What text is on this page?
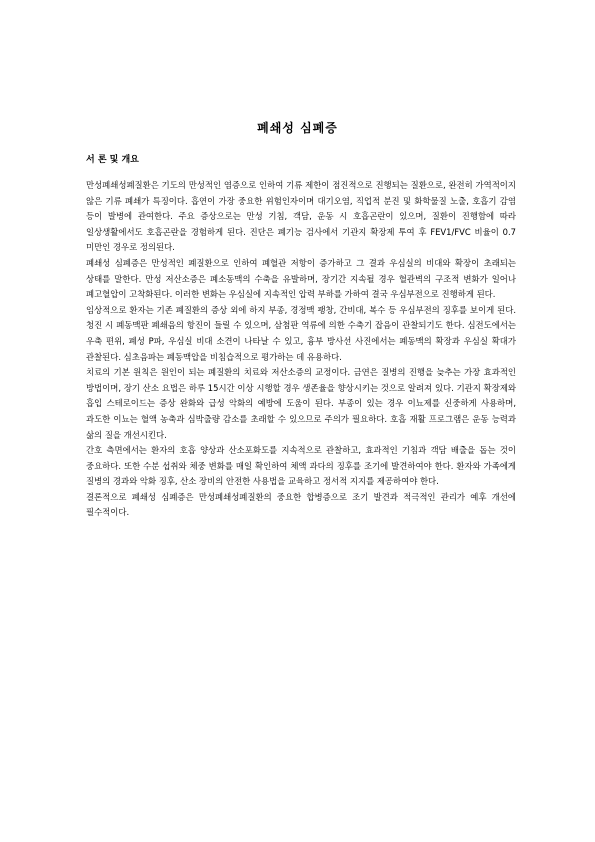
폐쇄성 심폐증
서 론 및 개요

만성폐쇄성폐질환은 기도의 만성적인 염증으로 인하여 기류 제한이 점진적으로 진행되는 질환으로, 완전히 가역적이지 않은 기류 폐쇄가 특징이다. 흡연이 가장 중요한 위험인자이며 대기오염, 직업적 분진 및 화학물질 노출, 호흡기 감염 등이 발병에 관여한다. 주요 증상으로는 만성 기침, 객담, 운동 시 호흡곤란이 있으며, 질환이 진행함에 따라 일상생활에서도 호흡곤란을 경험하게 된다. 진단은 폐기능 검사에서 기관지 확장제 투여 후 FEV1/FVC 비율이 0.7 미만인 경우로 정의된다.

폐쇄성 심폐증은 만성적인 폐질환으로 인하여 폐혈관 저항이 증가하고 그 결과 우심실의 비대와 확장이 초래되는 상태를 말한다. 만성 저산소증은 폐소동맥의 수축을 유발하며, 장기간 지속될 경우 혈관벽의 구조적 변화가 일어나 폐고혈압이 고착화된다. 이러한 변화는 우심실에 지속적인 압력 부하를 가하여 결국 우심부전으로 진행하게 된다.

임상적으로 환자는 기존 폐질환의 증상 외에 하지 부종, 경정맥 팽창, 간비대, 복수 등 우심부전의 징후를 보이게 된다. 청진 시 폐동맥판 폐쇄음의 항진이 들릴 수 있으며, 삼첨판 역류에 의한 수축기 잡음이 관찰되기도 한다. 심전도에서는 우축 편위, 폐성 P파, 우심실 비대 소견이 나타날 수 있고, 흉부 방사선 사진에서는 폐동맥의 확장과 우심실 확대가 관찰된다. 심초음파는 폐동맥압을 비침습적으로 평가하는 데 유용하다.

치료의 기본 원칙은 원인이 되는 폐질환의 치료와 저산소증의 교정이다. 금연은 질병의 진행을 늦추는 가장 효과적인 방법이며, 장기 산소 요법은 하루 15시간 이상 시행할 경우 생존율을 향상시키는 것으로 알려져 있다. 기관지 확장제와 흡입 스테로이드는 증상 완화와 급성 악화의 예방에 도움이 된다. 부종이 있는 경우 이뇨제를 신중하게 사용하며, 과도한 이뇨는 혈액 농축과 심박출량 감소를 초래할 수 있으므로 주의가 필요하다. 호흡 재활 프로그램은 운동 능력과 삶의 질을 개선시킨다.

간호 측면에서는 환자의 호흡 양상과 산소포화도를 지속적으로 관찰하고, 효과적인 기침과 객담 배출을 돕는 것이 중요하다. 또한 수분 섭취와 체중 변화를 매일 확인하여 체액 과다의 징후를 조기에 발견하여야 한다. 환자와 가족에게 질병의 경과와 악화 징후, 산소 장비의 안전한 사용법을 교육하고 정서적 지지를 제공하여야 한다.

결론적으로 폐쇄성 심폐증은 만성폐쇄성폐질환의 중요한 합병증으로 조기 발견과 적극적인 관리가 예후 개선에 필수적이다.
